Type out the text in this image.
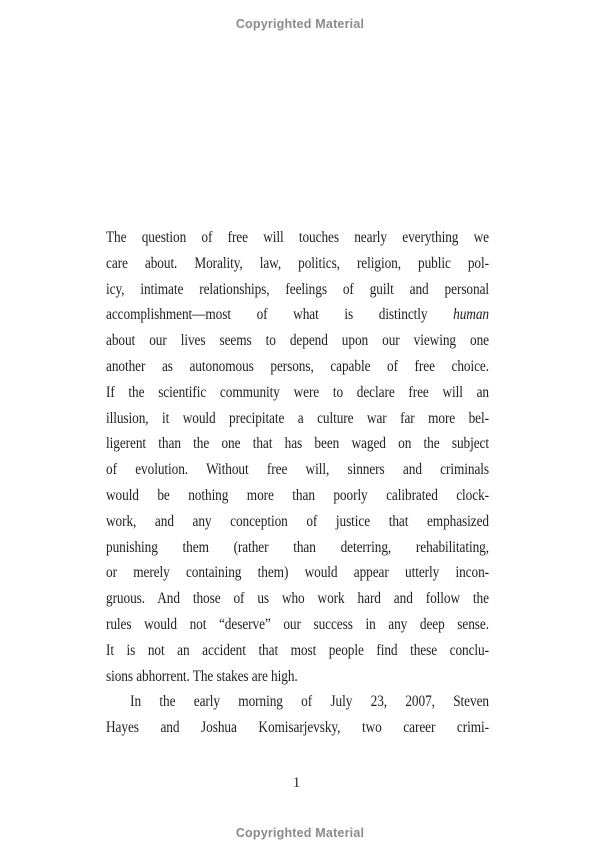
Copyrighted Material
The question of free will touches nearly everything we
care about. Morality, law, politics, religion, public pol-
icy, intimate relationships, feelings of guilt and personal
accomplishment—most of what is distinctly human
about our lives seems to depend upon our viewing one
another as autonomous persons, capable of free choice.
If the scientific community were to declare free will an
illusion, it would precipitate a culture war far more bel-
ligerent than the one that has been waged on the subject
of evolution. Without free will, sinners and criminals
would be nothing more than poorly calibrated clock-
work, and any conception of justice that emphasized
punishing them (rather than deterring, rehabilitating,
or merely containing them) would appear utterly incon-
gruous. And those of us who work hard and follow the
rules would not “deserve” our success in any deep sense.
It is not an accident that most people find these conclu-
sions abhorrent. The stakes are high.
In the early morning of July 23, 2007, Steven
Hayes and Joshua Komisarjevsky, two career crimi-
1
Copyrighted Material
